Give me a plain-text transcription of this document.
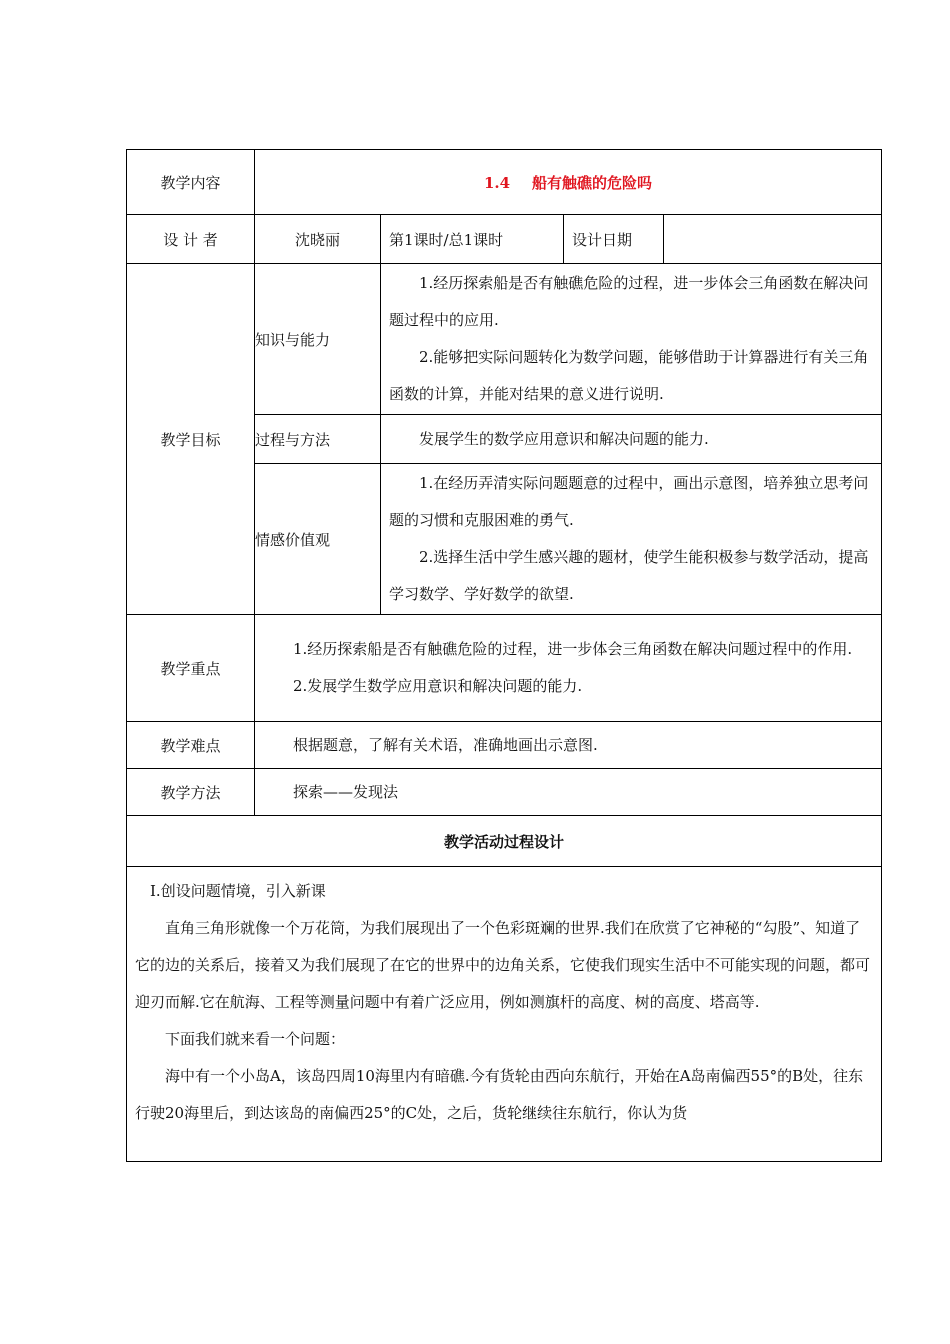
教学内容	1.4 船有触礁的危险吗			
设 计 者	沈晓丽	第1课时/总1课时	设计日期	
教学目标	知识与能力	1.经历探索船是否有触礁危险的过程，进一步体会三角函数在解决问题过程中的应用.
2.能够把实际问题转化为数学问题，能够借助于计算器进行有关三角函数的计算，并能对结果的意义进行说明.		

	过程与方法	发展学生的数学应用意识和解决问题的能力.		

	情感价值观	1.在经历弄清实际问题题意的过程中，画出示意图，培养独立思考问题的习惯和克服困难的勇气.
2.选择生活中学生感兴趣的题材，使学生能积极参与数学活动，提高学习数学、学好数学的欲望.		

教学重点	1.经历探索船是否有触礁危险的过程，进一步体会三角函数在解决问题过程中的作用.
2.发展学生数学应用意识和解决问题的能力.			

教学难点	根据题意，了解有关术语，准确地画出示意图.			

教学方法	探索——发现法			

教学活动过程设计				

Ⅰ.创设问题情境，引入新课

直角三角形就像一个万花筒，为我们展现出了一个色彩斑斓的世界.我们在欣赏了它神秘的“勾股”、知道了它的边的关系后，接着又为我们展现了在它的世界中的边角关系，它使我们现实生活中不可能实现的问题，都可迎刃而解.它在航海、工程等测量问题中有着广泛应用，例如测旗杆的高度、树的高度、塔高等.

下面我们就来看一个问题：

海中有一个小岛A，该岛四周10海里内有暗礁.今有货轮由西向东航行，开始在A岛南偏西55°的B处，往东行驶20海里后，到达该岛的南偏西25°的C处，之后，货轮继续往东航行，你认为货				
